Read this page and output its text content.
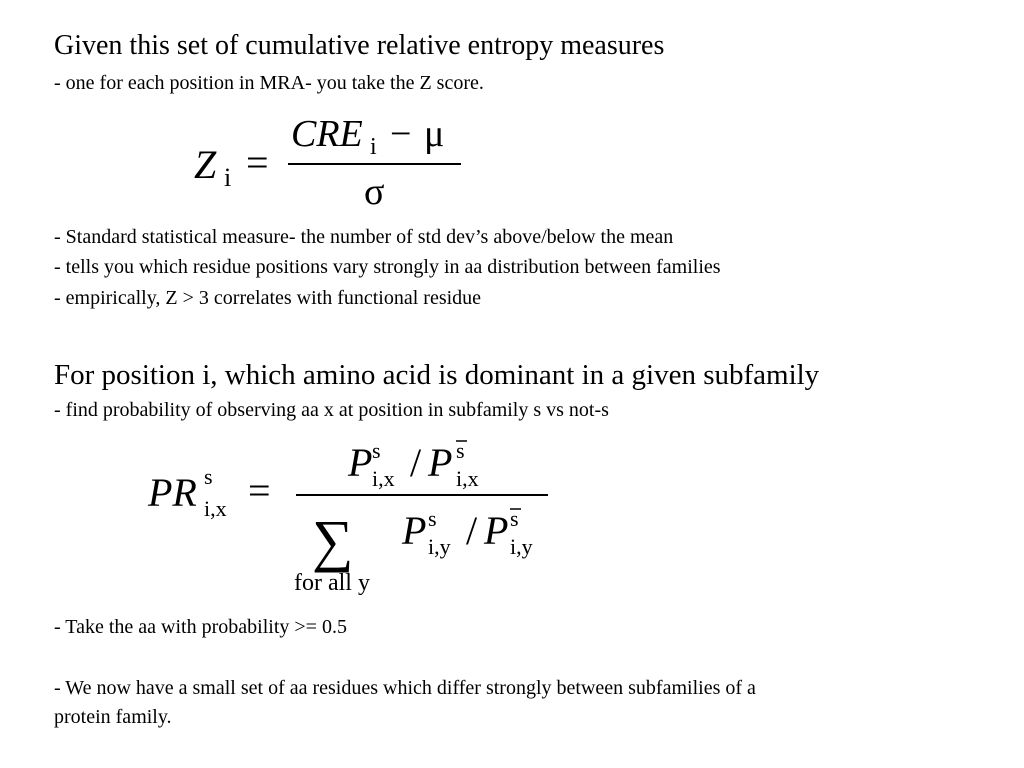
Given this set of cumulative relative entropy measures

- one for each position in MRA- you take the Z score.

Z i =
CRE i − μ
σ

- Standard statistical measure- the number of std dev’s above/below the mean

- tells you which residue positions vary strongly in aa distribution between families

- empirically, Z > 3 correlates with functional residue

For position i, which amino acid is dominant in a given subfamily

- find probability of observing aa x at position in subfamily s vs not-s

PR s
i,x =
P s
i,x / P s
i,x
∑
for all y
P s
i,y / P s
i,y

- Take the aa with probability >= 0.5

- We now have a small set of aa residues which differ strongly between subfamilies of a

protein family.
